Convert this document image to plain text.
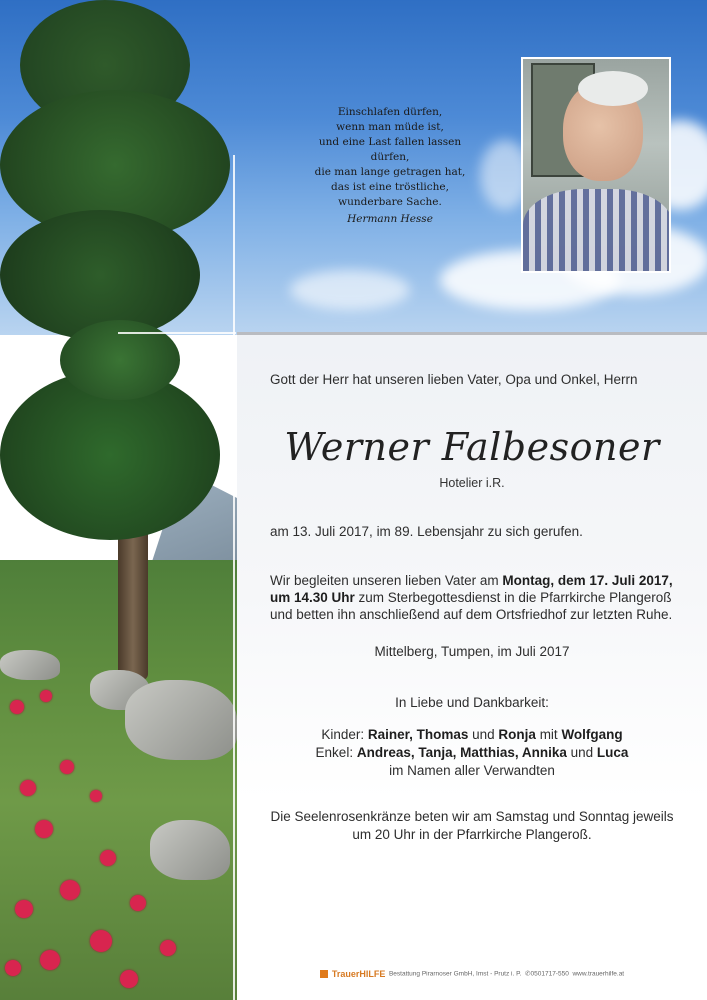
Einschlafen dürfen,
wenn man müde ist,
und eine Last fallen lassen dürfen,
die man lange getragen hat,
das ist eine tröstliche,
wunderbare Sache.
Hermann Hesse
Gott der Herr hat unseren lieben Vater, Opa und Onkel, Herrn
Werner Falbesoner
Hotelier i.R.
am 13. Juli 2017, im 89. Lebensjahr zu sich gerufen.
Wir begleiten unseren lieben Vater am Montag, dem 17. Juli 2017, um 14.30 Uhr zum Sterbegottesdienst in die Pfarrkirche Plangeroß und betten ihn anschließend auf dem Ortsfriedhof zur letzten Ruhe.
Mittelberg, Tumpen, im Juli 2017
In Liebe und Dankbarkeit:
Kinder: Rainer, Thomas und Ronja mit Wolfgang
Enkel: Andreas, Tanja, Matthias, Annika und Luca
im Namen aller Verwandten
Die Seelenrosenkränze beten wir am Samstag und Sonntag jeweils
um 20 Uhr in der Pfarrkirche Plangeroß.
TrauerHILFE Bestattung Pirarnoser GmbH, Imst - Prutz i. P. ✆0501717-550 www.trauerhilfe.at
